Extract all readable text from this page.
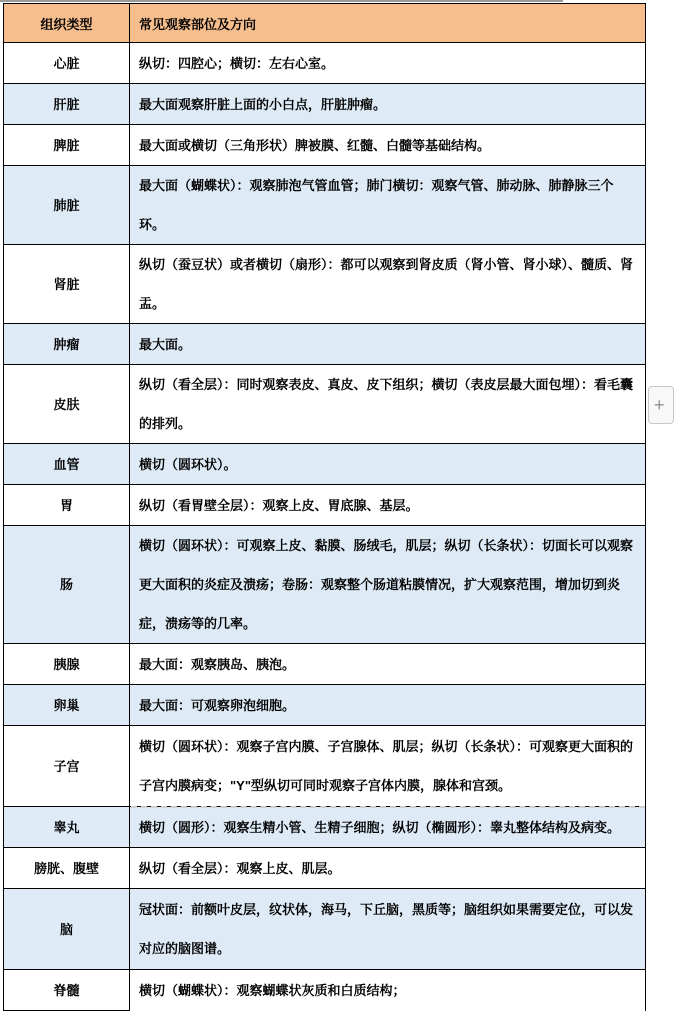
组织类型	常见观察部位及方向
心脏	纵切：四腔心；横切：左右心室。
肝脏	最大面观察肝脏上面的小白点，肝脏肿瘤。
脾脏	最大面或横切（三角形状）脾被膜、红髓、白髓等基础结构。
肺脏	最大面（蝴蝶状）：观察肺泡气管血管；肺门横切：观察气管、肺动脉、肺静脉三个环。
肾脏	纵切（蚕豆状）或者横切（扇形）：都可以观察到肾皮质（肾小管、肾小球）、髓质、肾盂。
肿瘤	最大面。
皮肤	纵切（看全层）：同时观察表皮、真皮、皮下组织；横切（表皮层最大面包埋）：看毛囊的排列。
血管	横切（圆环状）。
胃	纵切（看胃壁全层）：观察上皮、胃底腺、基层。
肠	横切（圆环状）：可观察上皮、黏膜、肠绒毛，肌层；纵切（长条状）：切面长可以观察更大面积的炎症及溃疡；卷肠：观察整个肠道粘膜情况，扩大观察范围，增加切到炎症，溃疡等的几率。
胰腺	最大面：观察胰岛、胰泡。
卵巢	最大面：可观察卵泡细胞。
子宫	横切（圆环状）：观察子宫内膜、子宫腺体、肌层；纵切（长条状）：可观察更大面积的子宫内膜病变；"Y"型纵切可同时观察子宫体内膜，腺体和宫颈。
睾丸	横切（圆形）：观察生精小管、生精子细胞；纵切（椭圆形）：睾丸整体结构及病变。
膀胱、腹壁	纵切（看全层）：观察上皮、肌层。
脑	冠状面：前额叶皮层，纹状体，海马，下丘脑，黑质等；脑组织如果需要定位，可以发对应的脑图谱。
脊髓	横切（蝴蝶状）：观察蝴蝶状灰质和白质结构；
+
